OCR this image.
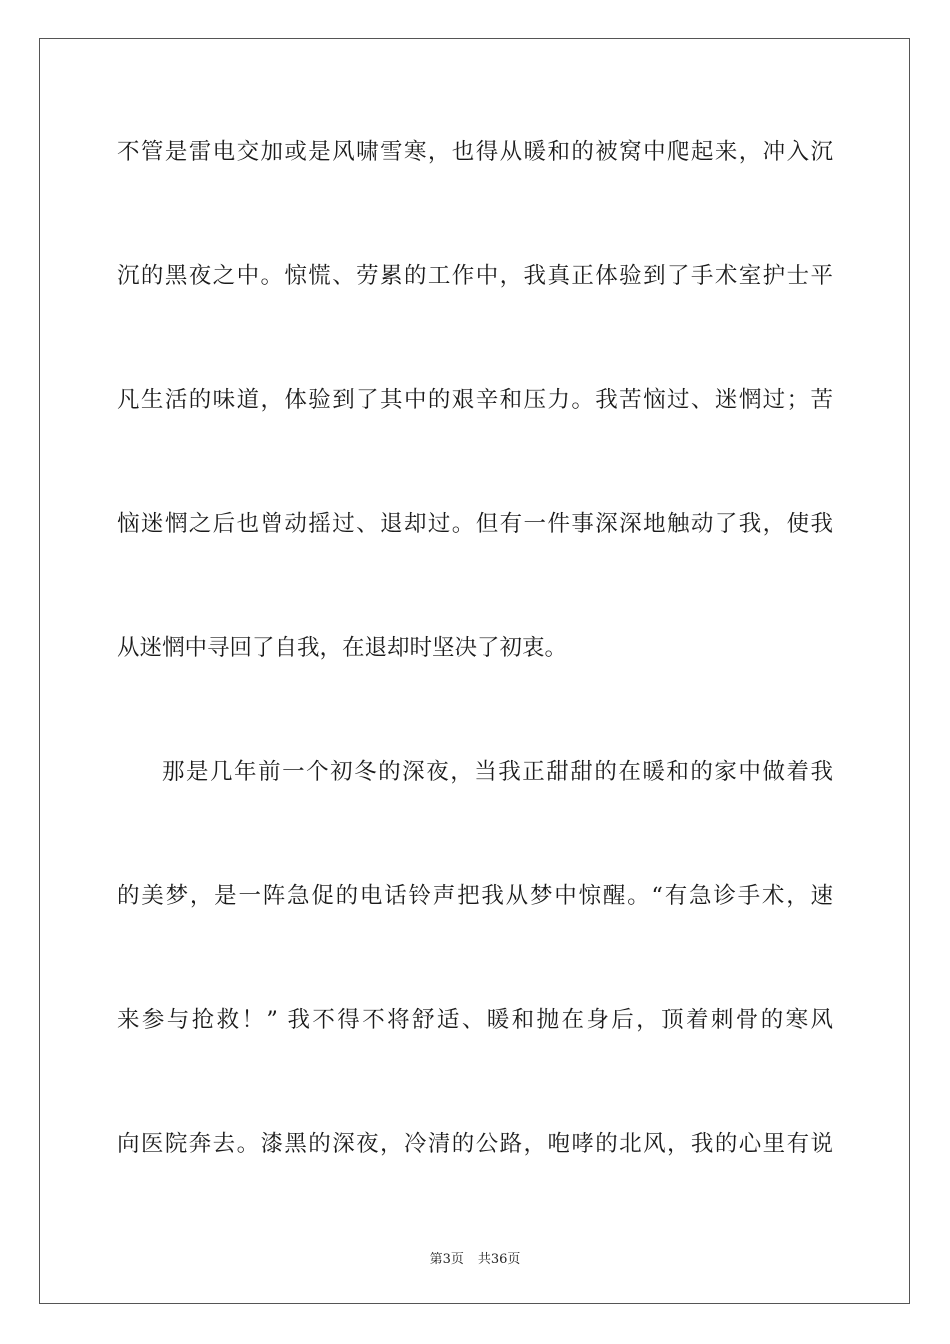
不管是雷电交加或是风啸雪寒，也得从暖和的被窝中爬起来，冲入沉
沉的黑夜之中。惊慌、劳累的工作中，我真正体验到了手术室护士平
凡生活的味道，体验到了其中的艰辛和压力。我苦恼过、迷惘过；苦
恼迷惘之后也曾动摇过、退却过。但有一件事深深地触动了我，使我
从迷惘中寻回了自我，在退却时坚决了初衷。
那是几年前一个初冬的深夜，当我正甜甜的在暖和的家中做着我
的美梦，是一阵急促的电话铃声把我从梦中惊醒。“有急诊手术，速
来参与抢救！” 我不得不将舒适、暖和抛在身后，顶着刺骨的寒风
向医院奔去。漆黑的深夜，冷清的公路，咆哮的北风，我的心里有说
第3页 共36页
